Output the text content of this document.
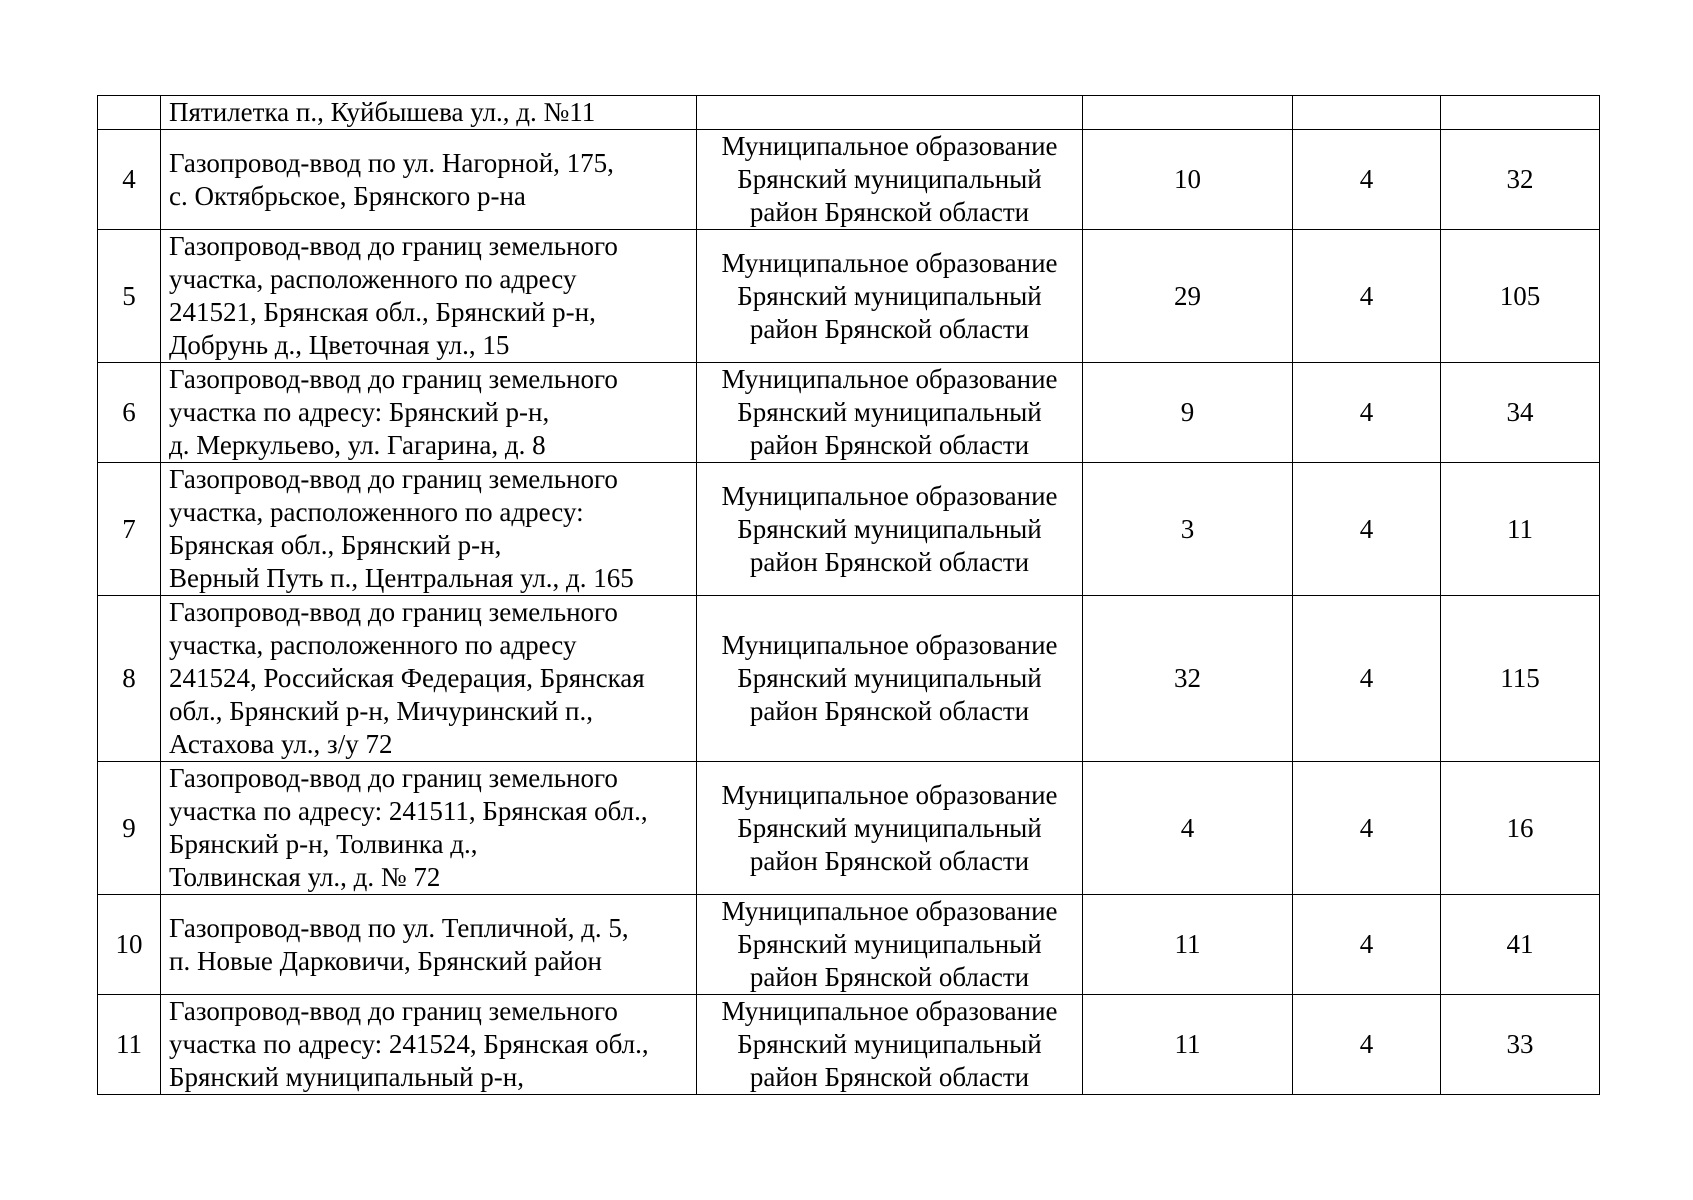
	Пятилетка п., Куйбышева ул., д. №11				

4	Газопровод-ввод по ул. Нагорной, 175,
с. Октябрьское, Брянского р-на	Муниципальное образование
Брянский муниципальный
район Брянской области	10	4	32
5	Газопровод-ввод до границ земельного
участка, расположенного по адресу
241521, Брянская обл., Брянский р-н,
Добрунь д., Цветочная ул., 15	Муниципальное образование
Брянский муниципальный
район Брянской области	29	4	105
6	Газопровод-ввод до границ земельного
участка по адресу: Брянский р-н,
д. Меркульево, ул. Гагарина, д. 8	Муниципальное образование
Брянский муниципальный
район Брянской области	9	4	34
7	Газопровод-ввод до границ земельного
участка, расположенного по адресу:
Брянская обл., Брянский р-н,
Верный Путь п., Центральная ул., д. 165	Муниципальное образование
Брянский муниципальный
район Брянской области	3	4	11
8	Газопровод-ввод до границ земельного
участка, расположенного по адресу
241524, Российская Федерация, Брянская
обл., Брянский р-н, Мичуринский п.,
Астахова ул., з/у 72	Муниципальное образование
Брянский муниципальный
район Брянской области	32	4	115
9	Газопровод-ввод до границ земельного
участка по адресу: 241511, Брянская обл.,
Брянский р-н, Толвинка д.,
Толвинская ул., д. № 72	Муниципальное образование
Брянский муниципальный
район Брянской области	4	4	16
10	Газопровод-ввод по ул. Тепличной, д. 5,
п. Новые Дарковичи, Брянский район	Муниципальное образование
Брянский муниципальный
район Брянской области	11	4	41
11	Газопровод-ввод до границ земельного
участка по адресу: 241524, Брянская обл.,
Брянский муниципальный р-н,	Муниципальное образование
Брянский муниципальный
район Брянской области	11	4	33
